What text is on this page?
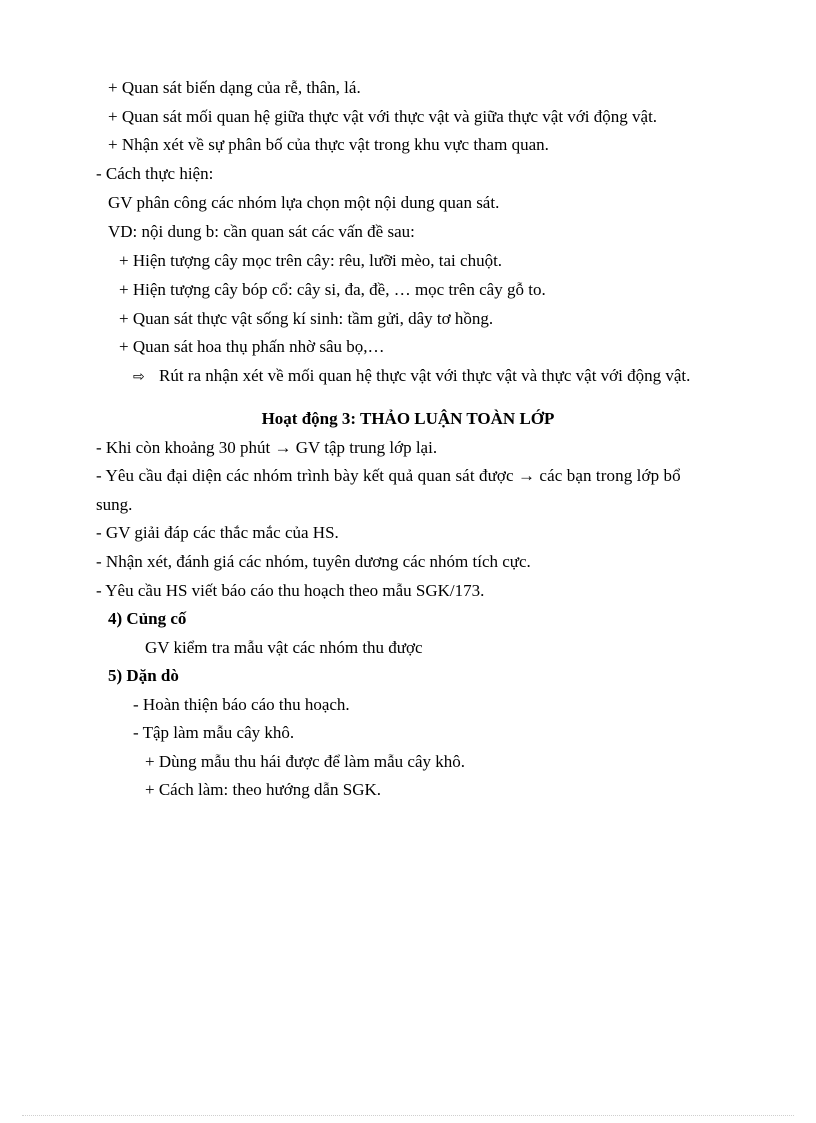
+ Quan sát biến dạng của rễ, thân, lá.
+ Quan sát mối quan hệ giữa thực vật với thực vật và giữa thực vật với động vật.
+ Nhận xét về sự phân bố của thực vật trong khu vực tham quan.
- Cách thực hiện:
GV phân công các nhóm lựa chọn một nội dung quan sát.
VD: nội dung b: cần quan sát các vấn đề sau:
+ Hiện tượng cây mọc trên cây: rêu, lưỡi mèo, tai chuột.
+ Hiện tượng cây bóp cổ: cây si, đa, đề, … mọc trên cây gỗ to.
+ Quan sát thực vật sống kí sinh: tầm gửi, dây tơ hồng.
+ Quan sát hoa thụ phấn nhờ sâu bọ,…
⇨ Rút ra nhận xét về mối quan hệ thực vật với thực vật và thực vật với động vật.
Hoạt động 3: THẢO LUẬN TOÀN LỚP
- Khi còn khoảng 30 phút → GV tập trung lớp lại.
- Yêu cầu đại diện các nhóm trình bày kết quả quan sát được → các bạn trong lớp bổ
sung.
- GV giải đáp các thắc mắc của HS.
- Nhận xét, đánh giá các nhóm, tuyên dương các nhóm tích cực.
- Yêu cầu HS viết báo cáo thu hoạch theo mẫu SGK/173.
4) Củng cố
GV kiểm tra mẫu vật các nhóm thu được
5) Dặn dò
- Hoàn thiện báo cáo thu hoạch.
- Tập làm mẫu cây khô.
+ Dùng mẫu thu hái được để làm mẫu cây khô.
+ Cách làm: theo hướng dẫn SGK.
